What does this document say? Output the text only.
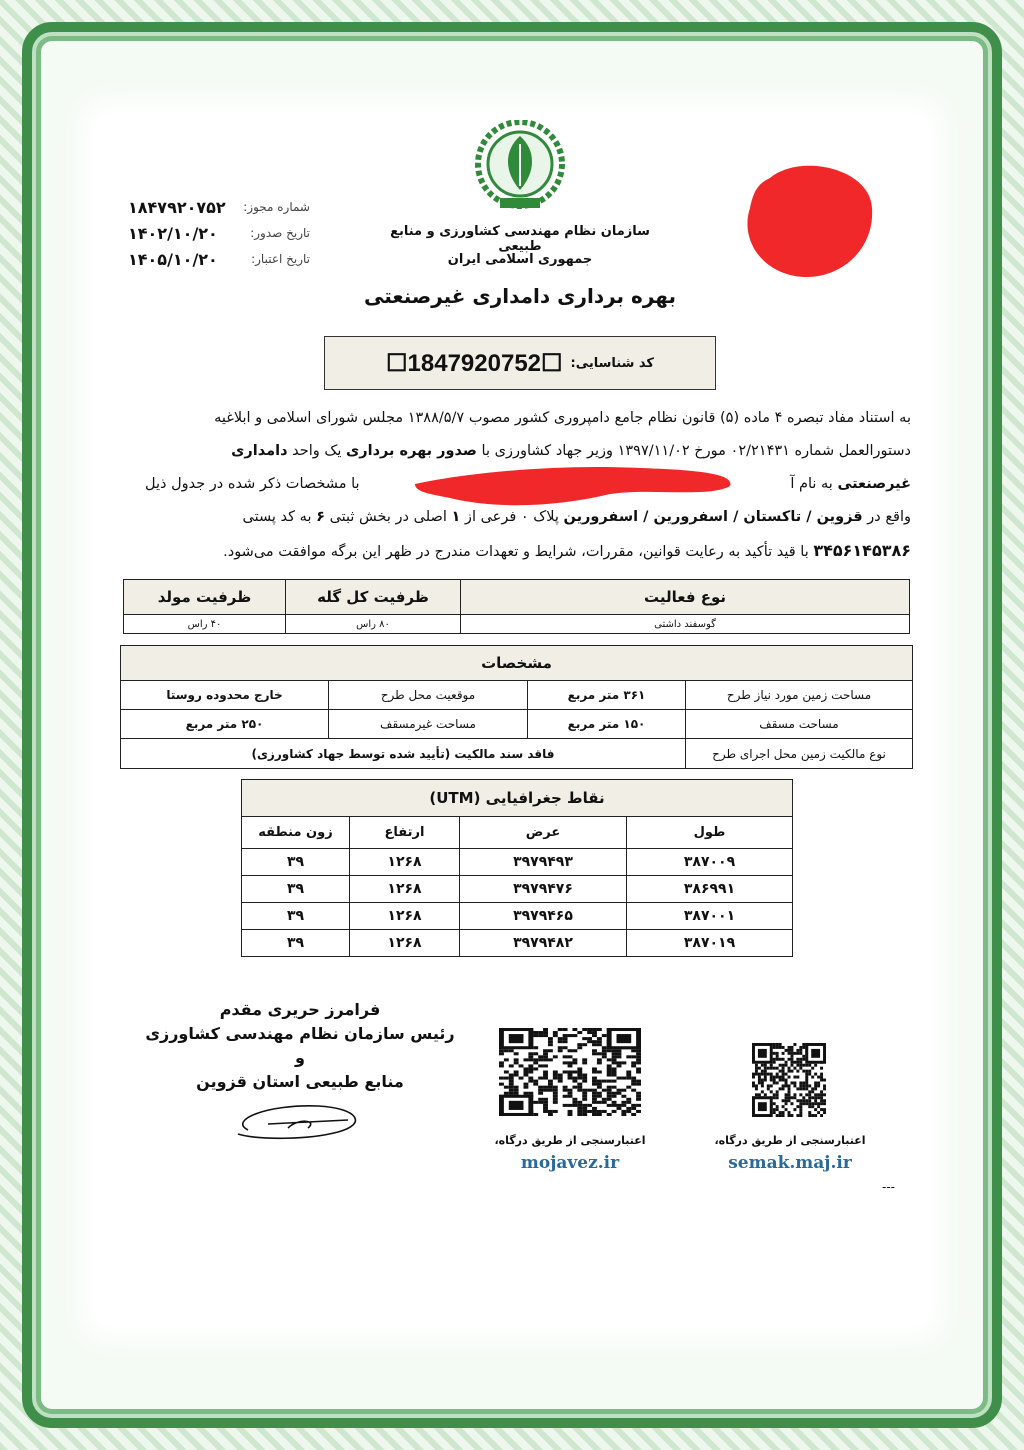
شماره مجوز:
۱۸۴۷۹۲۰۷۵۲
تاریخ صدور:
۱۴۰۲/۱۰/۲۰
تاریخ اعتبار:
۱۴۰۵/۱۰/۲۰
سازمان نظام مهندسی کشاورزی و منابع طبیعی
جمهوری اسلامی ایران
بهره برداری دامداری غیرصنعتی
کد شناسایی:
☐1847920752☐
به استناد مفاد تبصره ۴ ماده (۵) قانون نظام جامع دامپروری کشور مصوب ۱۳۸۸/۵/۷ مجلس شورای اسلامی و ابلاغیه
دستورالعمل شماره ۰۲/۲۱۴۳۱ مورخ ۱۳۹۷/۱۱/۰۲ وزیر جهاد کشاورزی با صدور بهره برداری یک واحد دامداری
غیرصنعتی به نام آ
با مشخصات ذکر شده در جدول ذیل
واقع در قزوین / تاکستان / اسفرورین / اسفرورین پلاک ۰ فرعی از ۱ اصلی در بخش ثبتی ۶ به کد پستی
۳۴۵۶۱۴۵۳۸۶ با قید تأکید به رعایت قوانین، مقررات، شرایط و تعهدات مندرج در ظهر این برگه موافقت می‌شود.
نوع فعالیت	ظرفیت کل گله	ظرفیت مولد
گوسفند داشتی	۸۰ راس	۴۰ راس
مشخصات			
مساحت زمین مورد نیاز طرح	۳۶۱ متر مربع	موقعیت محل طرح	خارج محدوده روستا
مساحت مسقف	۱۵۰ متر مربع	مساحت غیرمسقف	۲۵۰ متر مربع
نوع مالکیت زمین محل اجرای طرح	فاقد سند مالکیت (تأیید شده توسط جهاد کشاورزی)		
نقاط جغرافیایی (UTM)			
طول	عرض	ارتفاع	زون منطقه
۳۸۷۰۰۹	۳۹۷۹۴۹۳	۱۲۶۸	۳۹
۳۸۶۹۹۱	۳۹۷۹۴۷۶	۱۲۶۸	۳۹
۳۸۷۰۰۱	۳۹۷۹۴۶۵	۱۲۶۸	۳۹
۳۸۷۰۱۹	۳۹۷۹۴۸۲	۱۲۶۸	۳۹
فرامرز حریری مقدم
رئیس سازمان نظام مهندسی کشاورزی و
منابع طبیعی استان قزوین
اعتبارسنجی از طریق درگاه،
mojavez.ir
اعتبارسنجی از طریق درگاه،
semak.maj.ir
---
